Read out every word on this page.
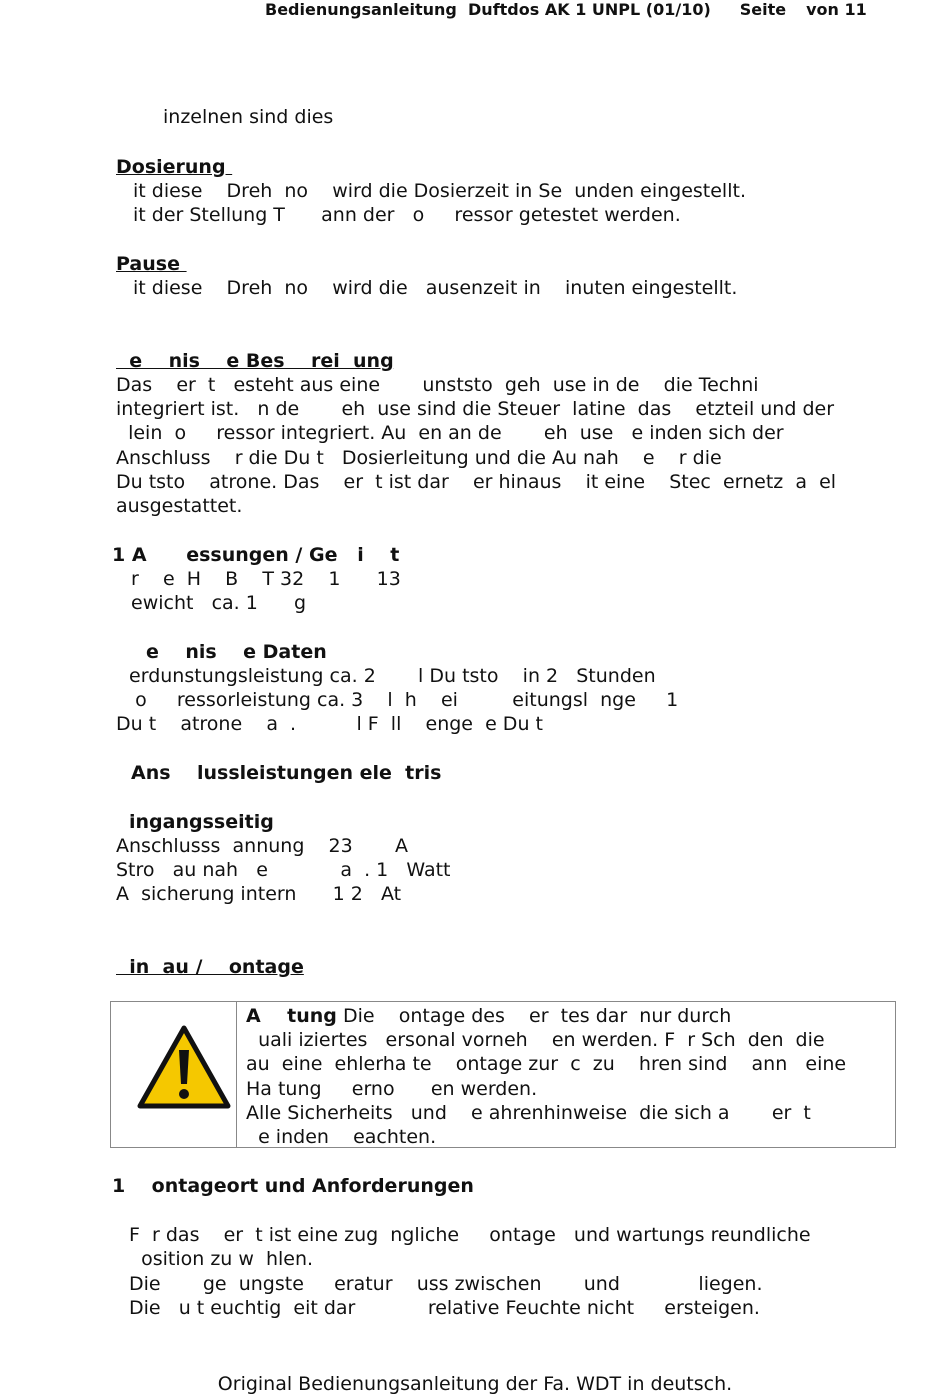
Bedienungsanleitung  Duftdos AK 1 UNPL (01/10) Seite von 11
inzelnen sind dies
Dosierung
it diese    Dreh  no    wird die Dosierzeit in Se  unden eingestellt.
it der Stellung T      ann der   o     ressor getestet werden.
Pause
it diese    Dreh  no    wird die   ausenzeit in    inuten eingestellt.
e    nis    e Bes    rei  ung
Das    er  t   esteht aus eine       unststo  geh  use in de    die Techni
integriert ist.   n de       eh  use sind die Steuer  latine  das    etzteil und der
lein  o     ressor integriert. Au  en an de       eh  use   e inden sich der
Anschluss    r die Du t   Dosierleitung und die Au nah    e    r die
Du tsto    atrone. Das    er  t ist dar    er hinaus    it eine    Stec  ernetz  a  el
ausgestattet.
1 A      essungen / Ge   i    t
r    e  H    B    T 32    1      13
ewicht   ca. 1      g
e    nis    e Daten
erdunstungsleistung ca. 2       l Du tsto    in 2   Stunden
o     ressorleistung ca. 3    l  h    ei         eitungsl  nge     1
Du t    atrone    a  .          l F  ll    enge  e Du t
Ans    lussleistungen ele  tris
ingangsseitig
Anschlusss  annung    23       A
Stro   au nah   e            a  . 1   Watt
A  sicherung intern      1 2   At
in  au /    ontage
A    tung Die    ontage des    er  tes dar  nur durch
uali iziertes   ersonal vorneh    en werden. F  r Sch  den  die
au  eine  ehlerha te    ontage zur  c  zu    hren sind    ann   eine
Ha tung     erno      en werden.
Alle Sicherheits   und    e ahrenhinweise  die sich a       er  t
e inden    eachten.
1    ontageort und Anforderungen
F  r das    er  t ist eine zug  ngliche     ontage   und wartungs reundliche
osition zu w  hlen.
Die       ge  ungste     eratur    uss zwischen       und             liegen.
Die   u t euchtig  eit dar            relative Feuchte nicht     ersteigen.
Original Bedienungsanleitung der Fa. WDT in deutsch.
